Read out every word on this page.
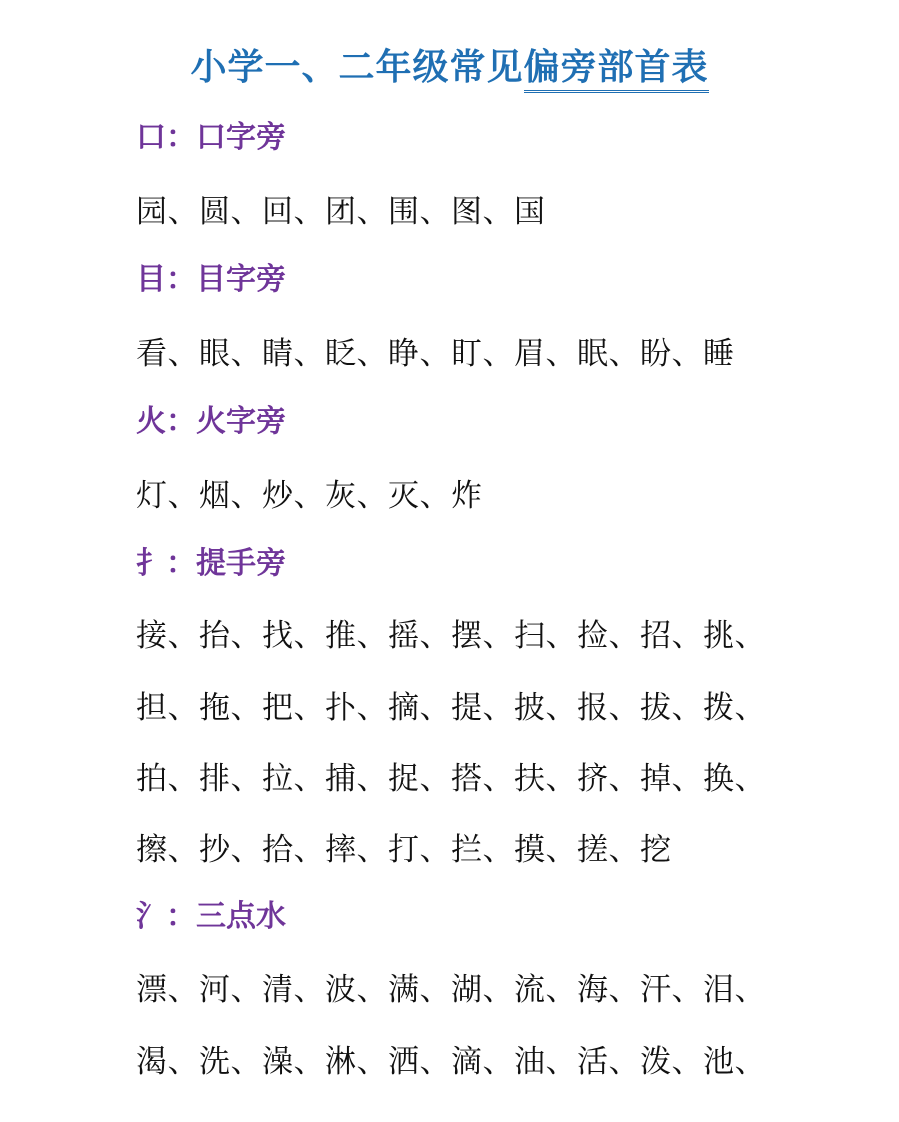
小学一、二年级常见偏旁部首表
口：口字旁
园、圆、回、团、围、图、国
目：目字旁
看、眼、睛、眨、睁、盯、眉、眠、盼、睡
火：火字旁
灯、烟、炒、灰、灭、炸
扌：提手旁
接、抬、找、推、摇、摆、扫、捡、招、挑、
担、拖、把、扑、摘、提、披、报、拔、拨、
拍、排、拉、捕、捉、搭、扶、挤、掉、换、
擦、抄、拾、摔、打、拦、摸、搓、挖
氵：三点水
漂、河、清、波、满、湖、流、海、汗、泪、
渴、洗、澡、淋、洒、滴、油、活、泼、池、
